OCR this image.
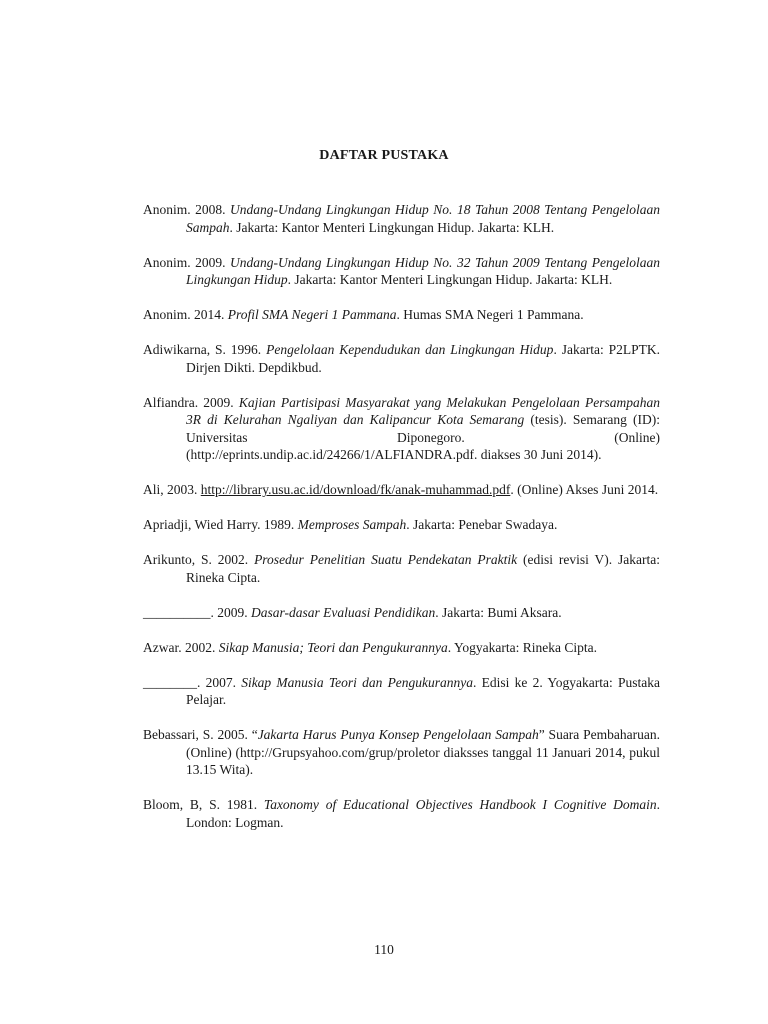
DAFTAR PUSTAKA

Anonim. 2008. Undang-Undang Lingkungan Hidup No. 18 Tahun 2008 Tentang Pengelolaan Sampah. Jakarta: Kantor Menteri Lingkungan Hidup. Jakarta: KLH.

Anonim. 2009. Undang-Undang Lingkungan Hidup No. 32 Tahun 2009 Tentang Pengelolaan Lingkungan Hidup. Jakarta: Kantor Menteri Lingkungan Hidup. Jakarta: KLH.

Anonim. 2014. Profil SMA Negeri 1 Pammana. Humas SMA Negeri 1 Pammana.

Adiwikarna, S. 1996. Pengelolaan Kependudukan dan Lingkungan Hidup. Jakarta: P2LPTK. Dirjen Dikti. Depdikbud.

Alfiandra. 2009. Kajian Partisipasi Masyarakat yang Melakukan Pengelolaan Persampahan 3R di Kelurahan Ngaliyan dan Kalipancur Kota Semarang (tesis). Semarang (ID): Universitas Diponegoro. (Online) (http://eprints.undip.ac.id/24266/1/ALFIANDRA.pdf. diakses 30 Juni 2014).

Ali, 2003. http://library.usu.ac.id/download/fk/anak-muhammad.pdf. (Online) Akses Juni 2014.

Apriadji, Wied Harry. 1989. Memproses Sampah. Jakarta: Penebar Swadaya.

Arikunto, S. 2002. Prosedur Penelitian Suatu Pendekatan Praktik (edisi revisi V). Jakarta: Rineka Cipta.

__________. 2009. Dasar-dasar Evaluasi Pendidikan. Jakarta: Bumi Aksara.

Azwar. 2002. Sikap Manusia; Teori dan Pengukurannya. Yogyakarta: Rineka Cipta.

________. 2007. Sikap Manusia Teori dan Pengukurannya. Edisi ke 2. Yogyakarta: Pustaka Pelajar.

Bebassari, S. 2005. “Jakarta Harus Punya Konsep Pengelolaan Sampah” Suara Pembaharuan. (Online) (http://Grupsyahoo.com/grup/proletor diaksses tanggal 11 Januari 2014, pukul 13.15 Wita).

Bloom, B, S. 1981. Taxonomy of Educational Objectives Handbook I Cognitive Domain. London: Logman.

110
